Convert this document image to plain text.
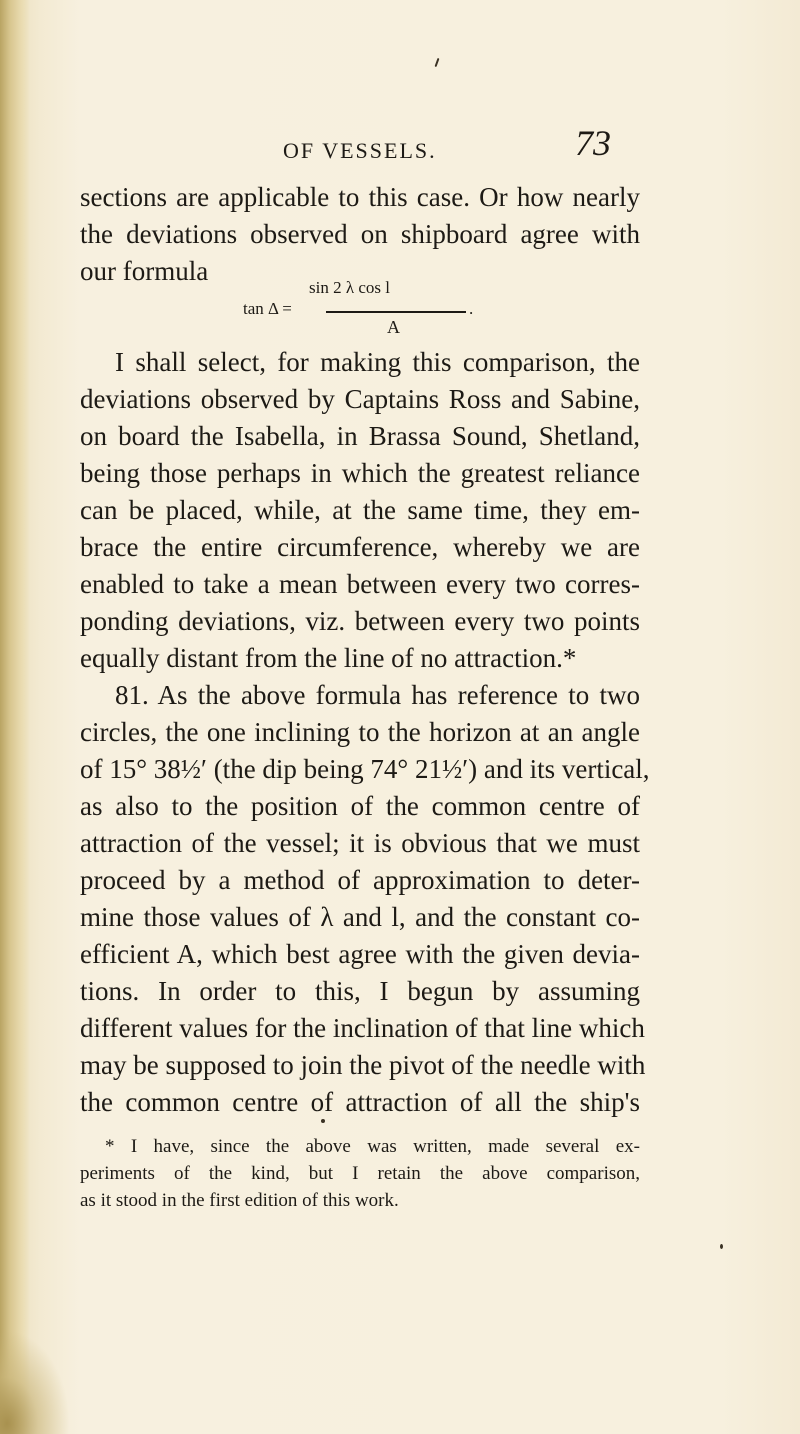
OF VESSELS.	73
sections are applicable to this case. Or how nearly
the deviations observed on shipboard agree with
our formula
tan Δ =
sin 2 λ cos l
A
.
I shall select, for making this comparison, the
deviations observed by Captains Ross and Sabine,
on board the Isabella, in Brassa Sound, Shetland,
being those perhaps in which the greatest reliance
can be placed, while, at the same time, they em-
brace the entire circumference, whereby we are
enabled to take a mean between every two corres-
ponding deviations, viz. between every two points
equally distant from the line of no attraction.*
81. As the above formula has reference to two
circles, the one inclining to the horizon at an angle
of 15° 38½′ (the dip being 74° 21½′) and its vertical,
as also to the position of the common centre of
attraction of the vessel; it is obvious that we must
proceed by a method of approximation to deter-
mine those values of λ and l, and the constant co-
efficient A, which best agree with the given devia-
tions. In order to this, I begun by assuming
different values for the inclination of that line which
may be supposed to join the pivot of the needle with
the common centre of attraction of all the ship's
* I have, since the above was written, made several ex-
periments of the kind, but I retain the above comparison,
as it stood in the first edition of this work.
